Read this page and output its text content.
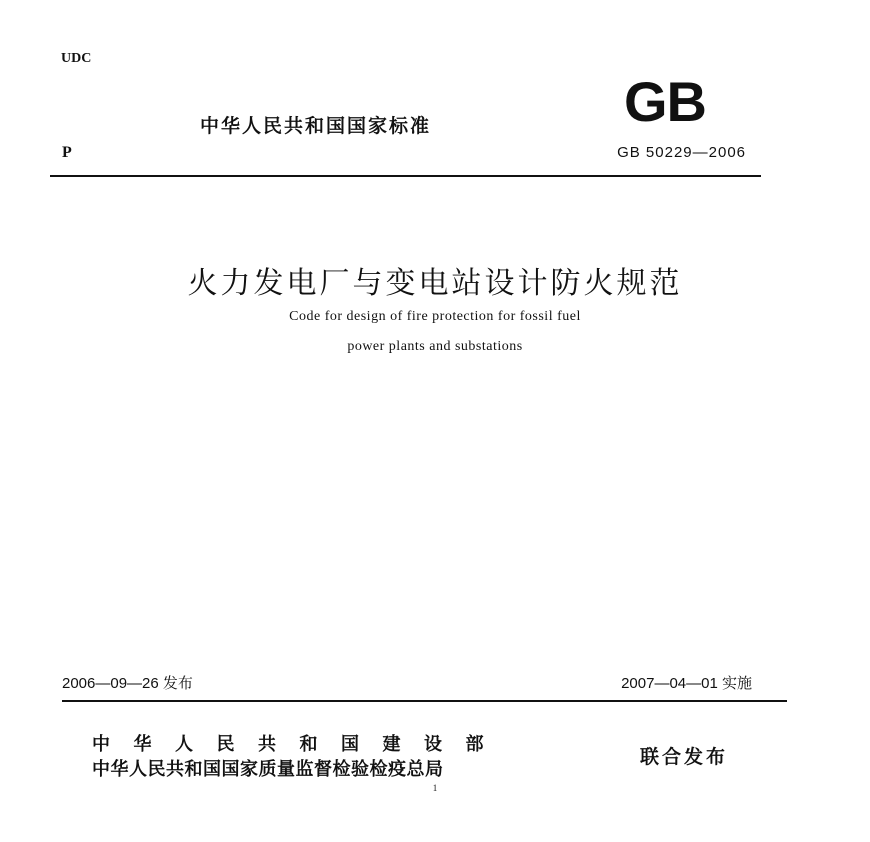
UDC
中华人民共和国国家标准	GB
P	GB 50229—2006
火力发电厂与变电站设计防火规范
Code for design of fire protection for fossil fuel
power plants and substations
2006—09—26 发布	2007—04—01 实施
中华人民共和国建设部
中华人民共和国国家质量监督检验检疫总局
联合发布
1
